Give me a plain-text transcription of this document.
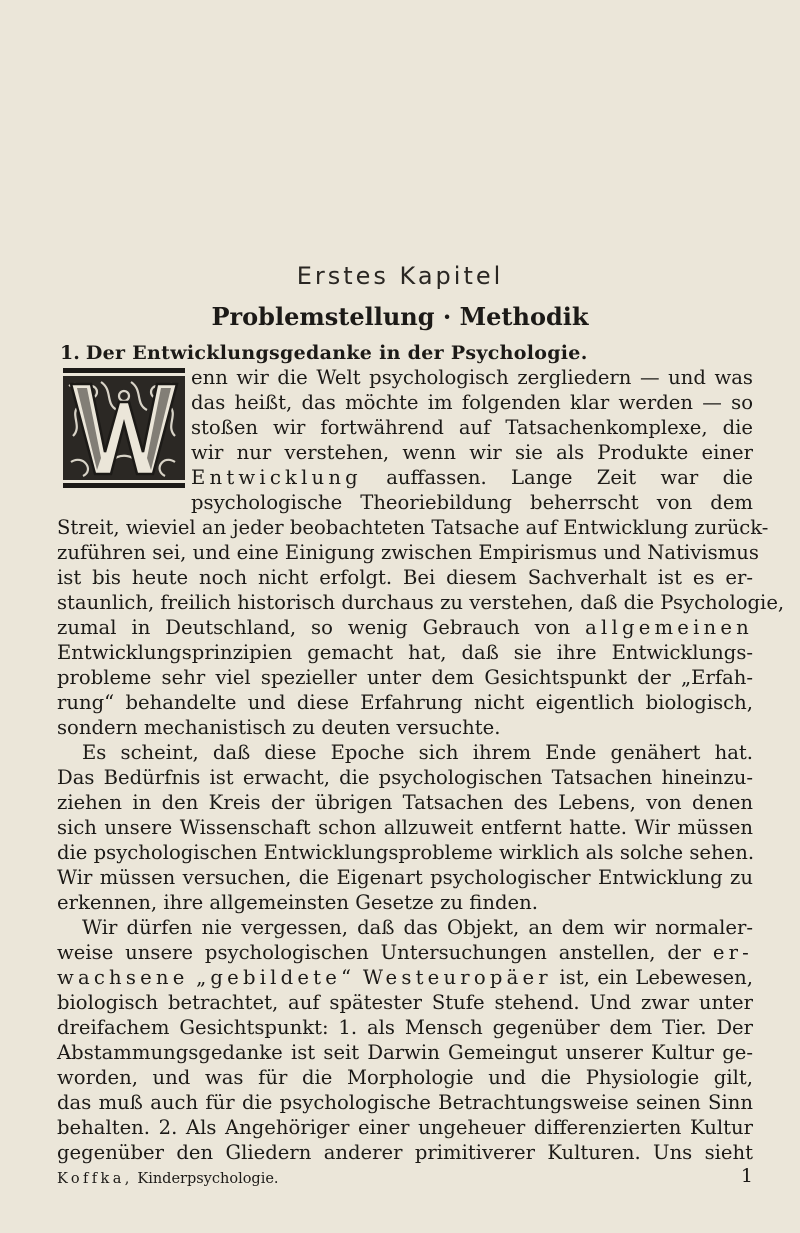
Erstes Kapitel
Problemstellung · Methodik
1. Der Entwicklungsgedanke in der Psychologie.
enn wir die Welt psychologisch zergliedern — und was
das heißt, das möchte im folgenden klar werden — so
stoßen wir fortwährend auf Tatsachenkomplexe, die
wir nur verstehen, wenn wir sie als Produkte einer
Entwicklung auffassen. Lange Zeit war die
psychologische Theoriebildung beherrscht von dem
Streit, wieviel an jeder beobachteten Tatsache auf Entwicklung zurück-
zuführen sei, und eine Einigung zwischen Empirismus und Nativismus
ist bis heute noch nicht erfolgt. Bei diesem Sachverhalt ist es er-
staunlich, freilich historisch durchaus zu verstehen, daß die Psychologie,
zumal in Deutschland, so wenig Gebrauch von allgemeinen
Entwicklungsprinzipien gemacht hat, daß sie ihre Entwicklungs-
probleme sehr viel spezieller unter dem Gesichtspunkt der „Erfah-
rung“ behandelte und diese Erfahrung nicht eigentlich biologisch,
sondern mechanistisch zu deuten versuchte.
Es scheint, daß diese Epoche sich ihrem Ende genähert hat.
Das Bedürfnis ist erwacht, die psychologischen Tatsachen hineinzu-
ziehen in den Kreis der übrigen Tatsachen des Lebens, von denen
sich unsere Wissenschaft schon allzuweit entfernt hatte. Wir müssen
die psychologischen Entwicklungsprobleme wirklich als solche sehen.
Wir müssen versuchen, die Eigenart psychologischer Entwicklung zu
erkennen, ihre allgemeinsten Gesetze zu finden.
Wir dürfen nie vergessen, daß das Objekt, an dem wir normaler-
weise unsere psychologischen Untersuchungen anstellen, der er-
wachsene „gebildete“ Westeuropäer ist, ein Lebewesen,
biologisch betrachtet, auf spätester Stufe stehend. Und zwar unter
dreifachem Gesichtspunkt: 1. als Mensch gegenüber dem Tier. Der
Abstammungsgedanke ist seit Darwin Gemeingut unserer Kultur ge-
worden, und was für die Morphologie und die Physiologie gilt,
das muß auch für die psychologische Betrachtungsweise seinen Sinn
behalten. 2. Als Angehöriger einer ungeheuer differenzierten Kultur
gegenüber den Gliedern anderer primitiverer Kulturen. Uns sieht
Koffka, Kinderpsychologie.	1
